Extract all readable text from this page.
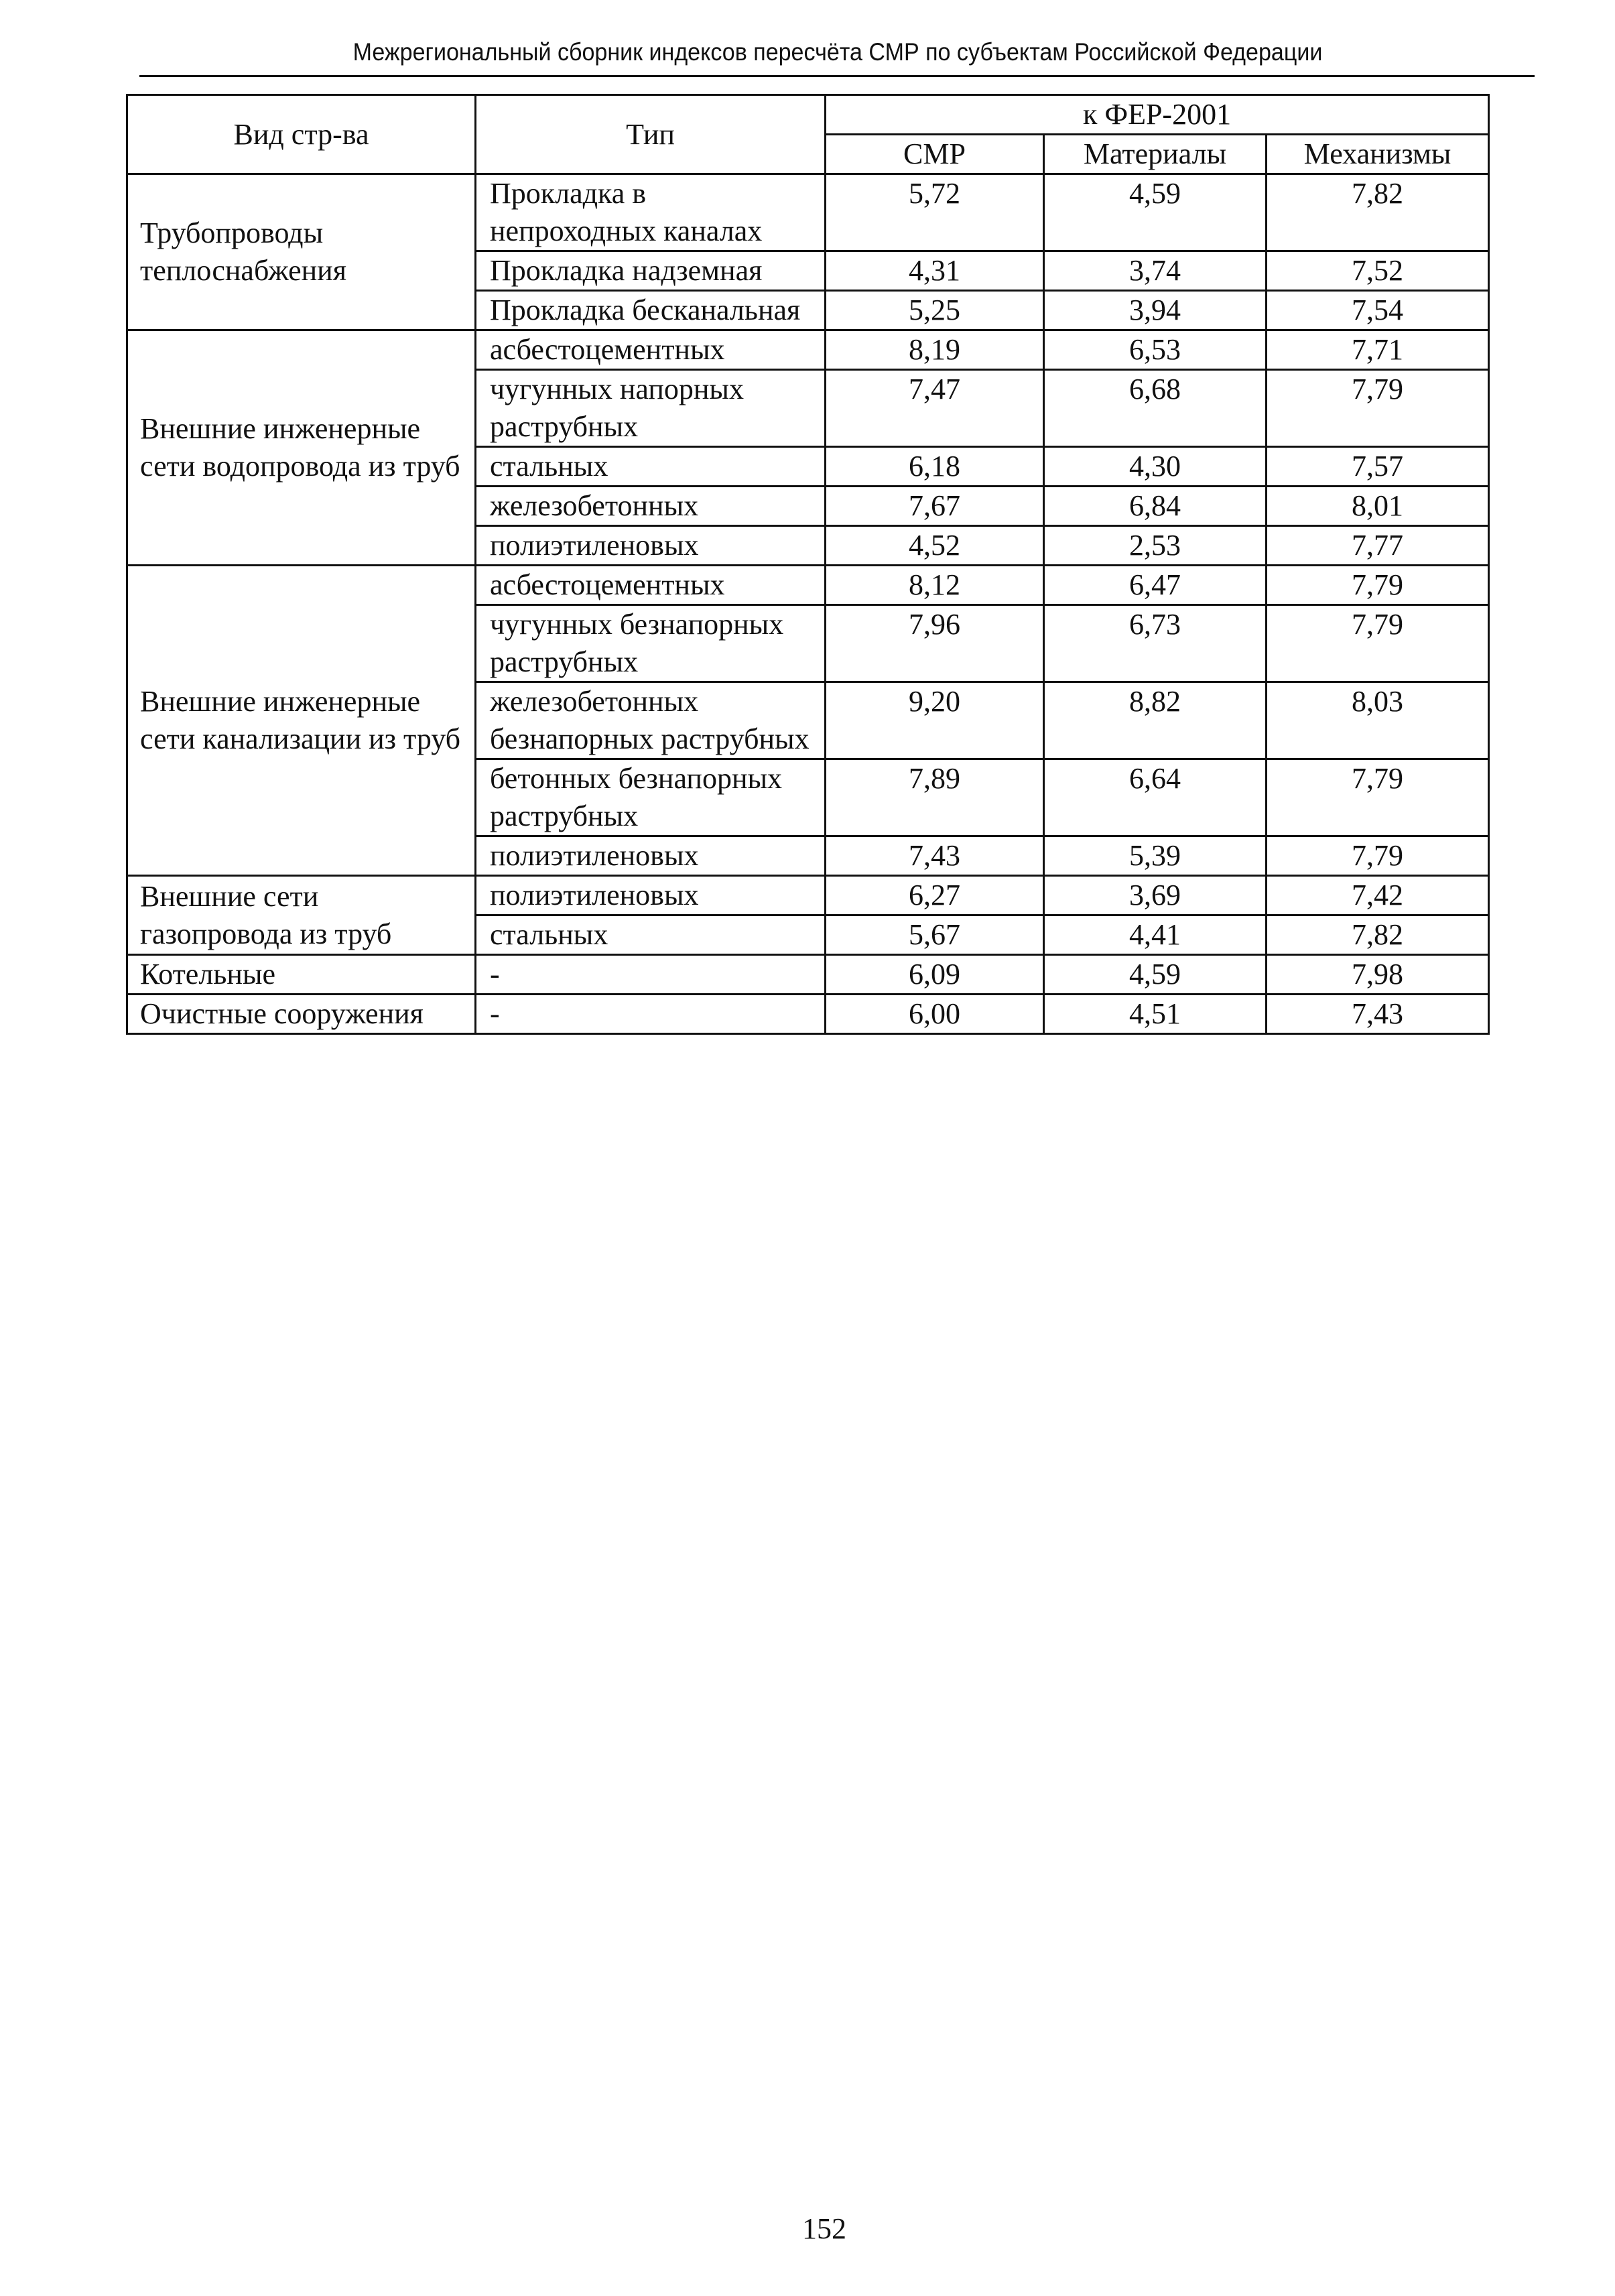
Межрегиональный сборник индексов пересчёта СМР по субъектам Российской Федерации
Вид стр-ва	Тип	к ФЕР-2001		
		СМР	Материалы	Механизмы
Трубопроводы теплоснабжения	Прокладка в непроходных каналах	5,72	4,59	7,82
	Прокладка надземная	4,31	3,74	7,52
	Прокладка бесканальная	5,25	3,94	7,54
Внешние инженерные сети водопровода из труб	асбестоцементных	8,19	6,53	7,71
	чугунных напорных раструбных	7,47	6,68	7,79
	стальных	6,18	4,30	7,57
	железобетонных	7,67	6,84	8,01
	полиэтиленовых	4,52	2,53	7,77
Внешние инженерные сети канализации из труб	асбестоцементных	8,12	6,47	7,79
	чугунных безнапорных раструбных	7,96	6,73	7,79
	железобетонных безнапорных раструбных	9,20	8,82	8,03
	бетонных безнапорных раструбных	7,89	6,64	7,79
	полиэтиленовых	7,43	5,39	7,79
Внешние сети газопровода из труб	полиэтиленовых	6,27	3,69	7,42
	стальных	5,67	4,41	7,82
Котельные	-	6,09	4,59	7,98
Очистные сооружения	-	6,00	4,51	7,43
152
